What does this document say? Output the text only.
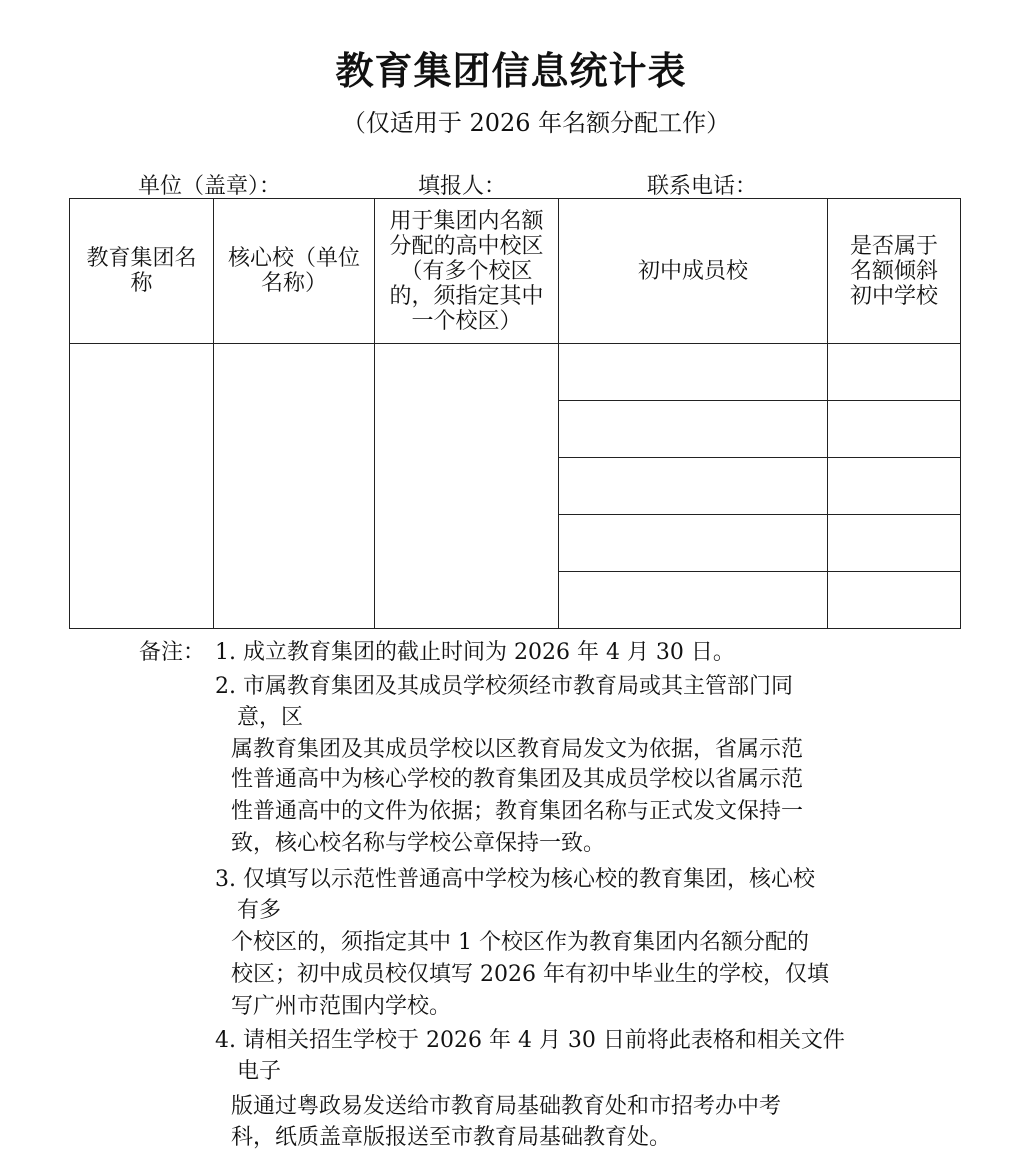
教育集团信息统计表
（仅适用于 2026 年名额分配工作）
单位（盖章）：	填报人：	联系电话：
教育集团名称	核心校（单位名称）	用于集团内名额分配的高中校区（有多个校区的，须指定其中一个校区）	初中成员校	是否属于名额倾斜初中学校

备注： 1. 成立教育集团的截止时间为 2026 年 4 月 30 日。
2. 市属教育集团及其成员学校须经市教育局或其主管部门同
意，区
属教育集团及其成员学校以区教育局发文为依据，省属示范
性普通高中为核心学校的教育集团及其成员学校以省属示范
性普通高中的文件为依据；教育集团名称与正式发文保持一
致，核心校名称与学校公章保持一致。
3. 仅填写以示范性普通高中学校为核心校的教育集团，核心校
有多
个校区的，须指定其中 1 个校区作为教育集团内名额分配的
校区；初中成员校仅填写 2026 年有初中毕业生的学校，仅填
写广州市范围内学校。
4. 请相关招生学校于 2026 年 4 月 30 日前将此表格和相关文件
电子
版通过粤政易发送给市教育局基础教育处和市招考办中考
科，纸质盖章版报送至市教育局基础教育处。
